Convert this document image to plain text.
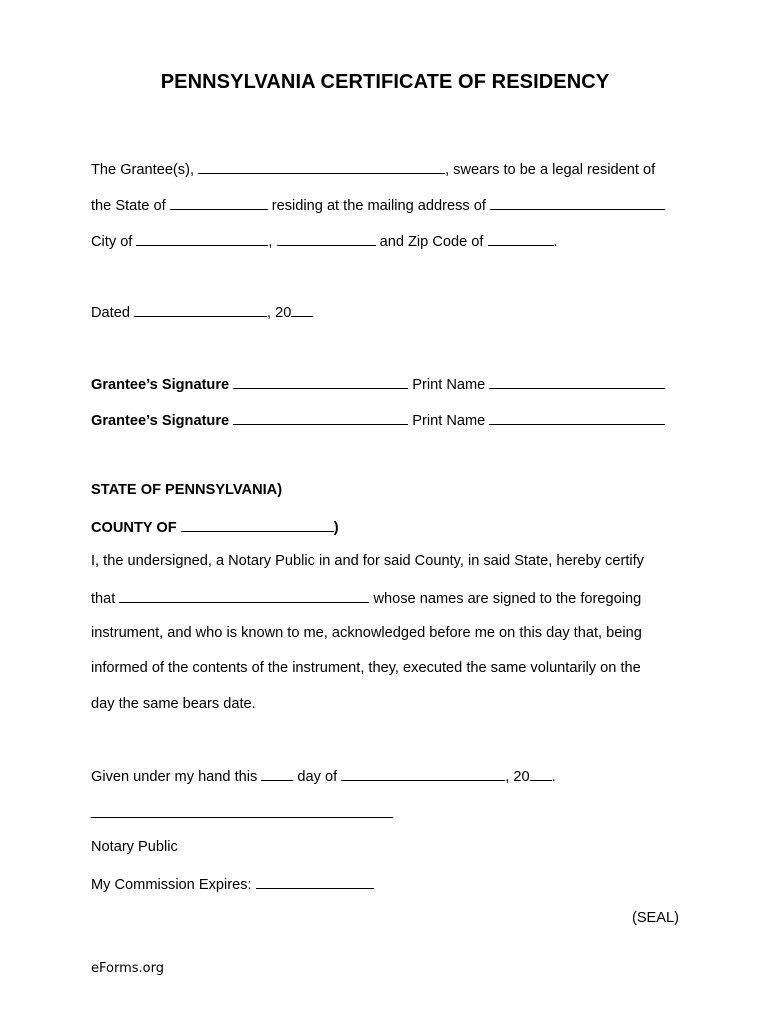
PENNSYLVANIA CERTIFICATE OF RESIDENCY
The Grantee(s),	, swears to be a legal resident of
the State of	residing at the mailing address of
City of	,	and Zip Code of	.
Dated	, 20
Grantee’s Signature	Print Name
Grantee’s Signature	Print Name
STATE OF PENNSYLVANIA)
COUNTY OF	)
I, the undersigned, a Notary Public in and for said County, in said State, hereby certify
that	whose names are signed to the foregoing
instrument, and who is known to me, acknowledged before me on this day that, being
informed of the contents of the instrument, they, executed the same voluntarily on the
day the same bears date.
Given under my hand this	day of	, 20 .
Notary Public
My Commission Expires:
(SEAL)
eForms.org
